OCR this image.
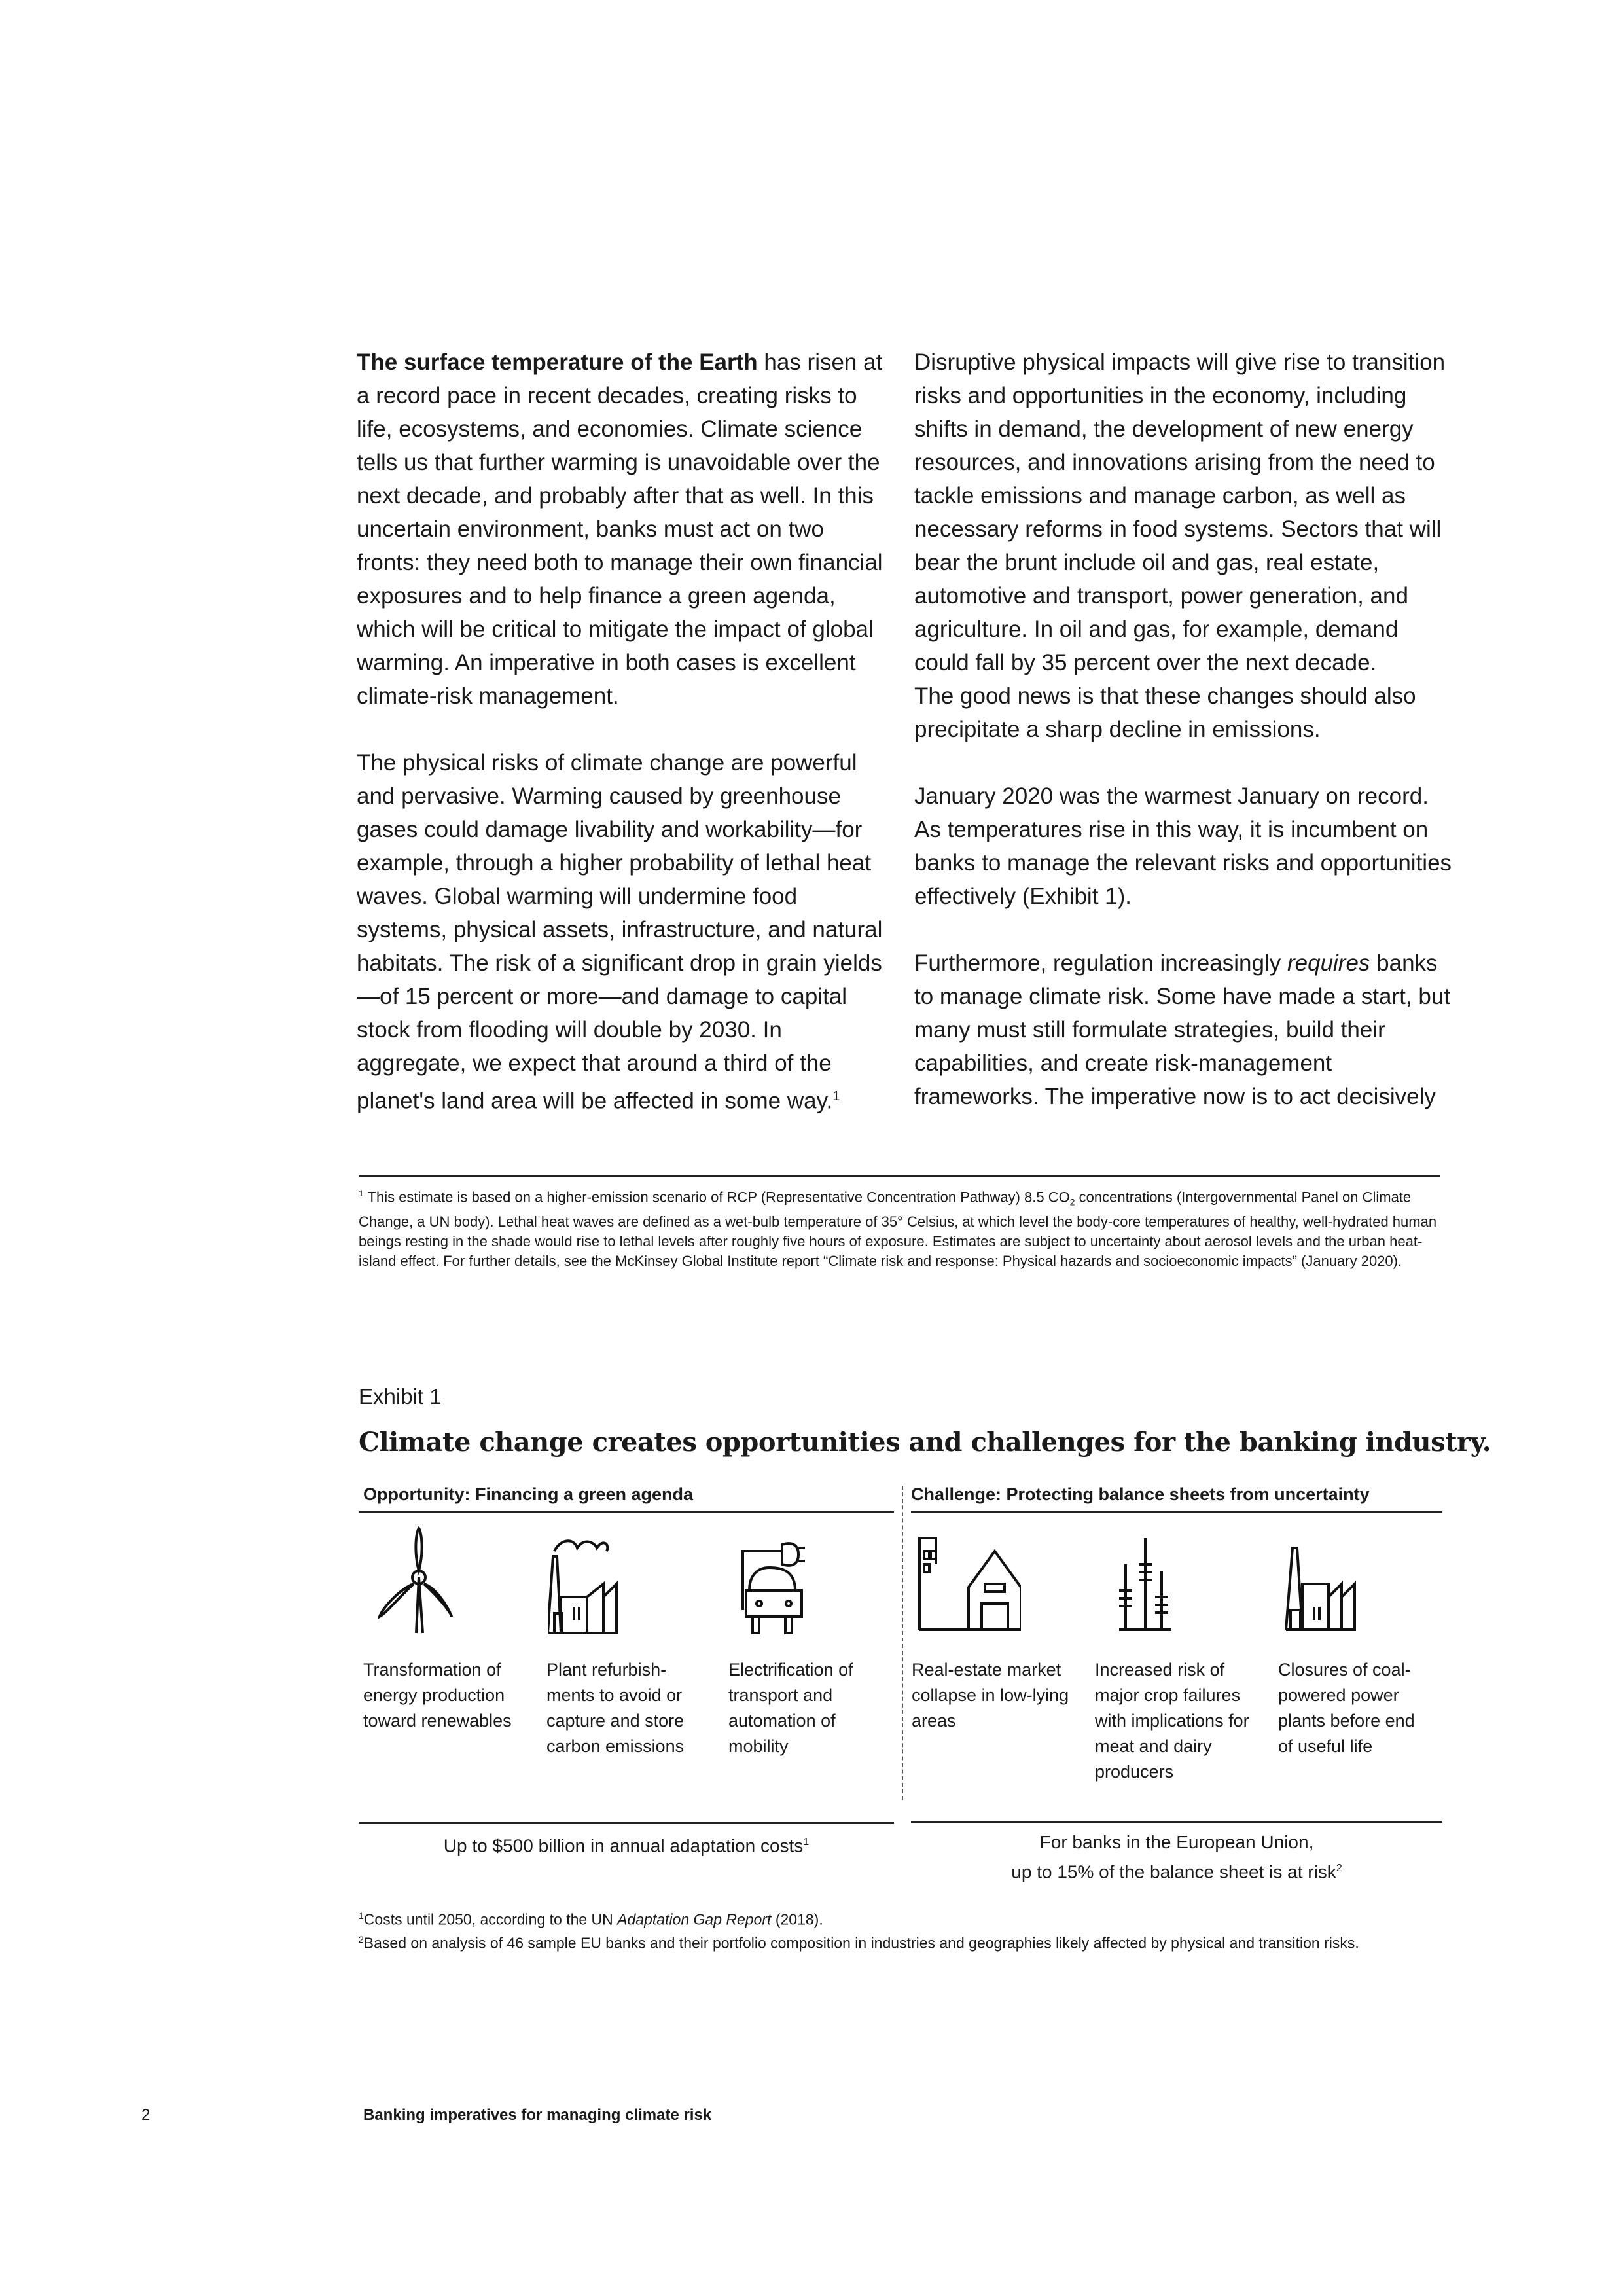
The surface temperature of the Earth has risen at a record pace in recent decades, creating risks to life, ecosystems, and economies. Climate science tells us that further warming is unavoidable over the next decade, and probably after that as well. In this uncertain environment, banks must act on two fronts: they need both to manage their own financial exposures and to help finance a green agenda, which will be critical to mitigate the impact of global warming. An imperative in both cases is excellent climate-risk management.

The physical risks of climate change are powerful and pervasive. Warming caused by greenhouse gases could damage livability and workability—for example, through a higher probability of lethal heat waves. Global warming will undermine food systems, physical assets, infrastructure, and natural habitats. The risk of a significant drop in grain yields—of 15 percent or more—and damage to capital stock from flooding will double by 2030. In aggregate, we expect that around a third of the planet's land area will be affected in some way.$^1$

Disruptive physical impacts will give rise to transition risks and opportunities in the economy, including shifts in demand, the development of new energy resources, and innovations arising from the need to tackle emissions and manage carbon, as well as necessary reforms in food systems. Sectors that will bear the brunt include oil and gas, real estate, automotive and transport, power generation, and agriculture. In oil and gas, for example, demand could fall by 35 percent over the next decade.
The good news is that these changes should also precipitate a sharp decline in emissions.

January 2020 was the warmest January on record. As temperatures rise in this way, it is incumbent on banks to manage the relevant risks and opportunities effectively (Exhibit 1).

Furthermore, regulation increasingly requires banks to manage climate risk. Some have made a start, but many must still formulate strategies, build their capabilities, and create risk-management frameworks. The imperative now is to act decisively

$^1$ This estimate is based on a higher-emission scenario of RCP (Representative Concentration Pathway) 8.5 $CO_2$ concentrations (Intergovernmental Panel on Climate Change, a UN body). Lethal heat waves are defined as a wet-bulb temperature of 35° Celsius, at which level the body-core temperatures of healthy, well-hydrated human beings resting in the shade would rise to lethal levels after roughly five hours of exposure. Estimates are subject to uncertainty about aerosol levels and the urban heat-island effect. For further details, see the McKinsey Global Institute report “Climate risk and response: Physical hazards and socioeconomic impacts” (January 2020).
Exhibit 1
Climate change creates opportunities and challenges for the banking industry.
Opportunity: Financing a green agenda	Challenge: Protecting balance sheets from uncertainty
Transformation of energy production toward renewables
Plant refurbish-ments to avoid or capture and store carbon emissions
Electrification of transport and automation of mobility
Real-estate market collapse in low-lying areas
Increased risk of major crop failures with implications for meat and dairy producers
Closures of coal-powered power plants before end of useful life
Up to $500 billion in annual adaptation costs$^1$	For banks in the European Union,
up to 15% of the balance sheet is at risk$^2$
$^1$Costs until 2050, according to the UN Adaptation Gap Report (2018).
$^2$Based on analysis of 46 sample EU banks and their portfolio composition in industries and geographies likely affected by physical and transition risks.
2	Banking imperatives for managing climate risk
